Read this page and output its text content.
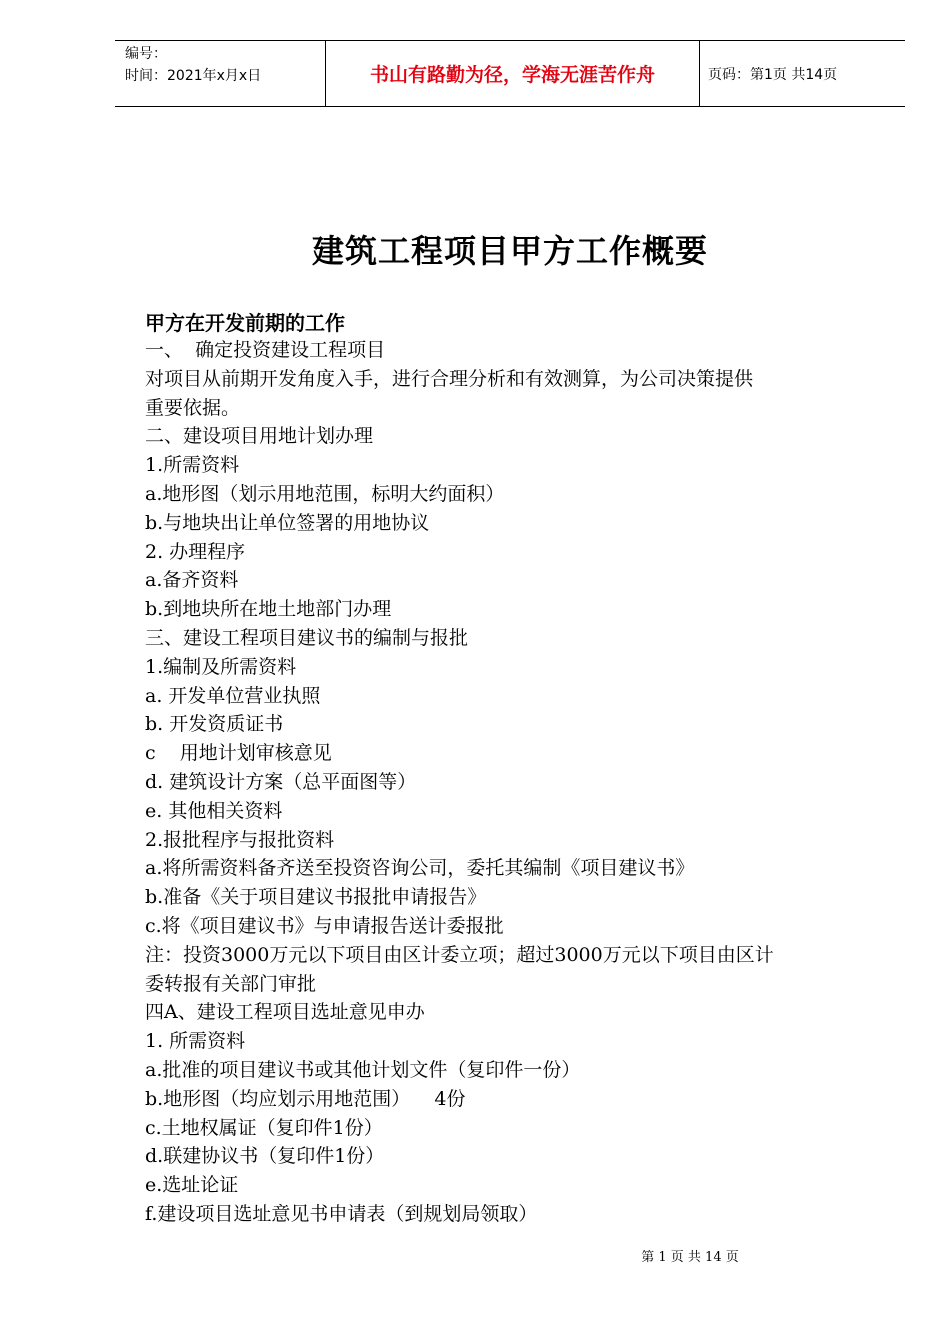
编号：
时间：2021年x月x日	书山有路勤为径，学海无涯苦作舟	页码：第1页 共14页
建筑工程项目甲方工作概要
甲方在开发前期的工作
一、  确定投资建设工程项目
对项目从前期开发角度入手，进行合理分析和有效测算，为公司决策提供
重要依据。
二、建设项目用地计划办理
1.所需资料
a.地形图（划示用地范围，标明大约面积）
b.与地块出让单位签署的用地协议
2. 办理程序
a.备齐资料
b.到地块所在地土地部门办理
三、建设工程项目建议书的编制与报批
1.编制及所需资料
a. 开发单位营业执照
b. 开发资质证书
c    用地计划审核意见
d. 建筑设计方案（总平面图等）
e. 其他相关资料
2.报批程序与报批资料
a.将所需资料备齐送至投资咨询公司，委托其编制《项目建议书》
b.准备《关于项目建议书报批申请报告》
c.将《项目建议书》与申请报告送计委报批
注：投资3000万元以下项目由区计委立项；超过3000万元以下项目由区计
委转报有关部门审批
四A、建设工程项目选址意见申办
1. 所需资料
a.批准的项目建议书或其他计划文件（复印件一份）
b.地形图（均应划示用地范围）    4份
c.土地权属证（复印件1份）
d.联建协议书（复印件1份）
e.选址论证
f.建设项目选址意见书申请表（到规划局领取）

第 1 页 共 14 页
